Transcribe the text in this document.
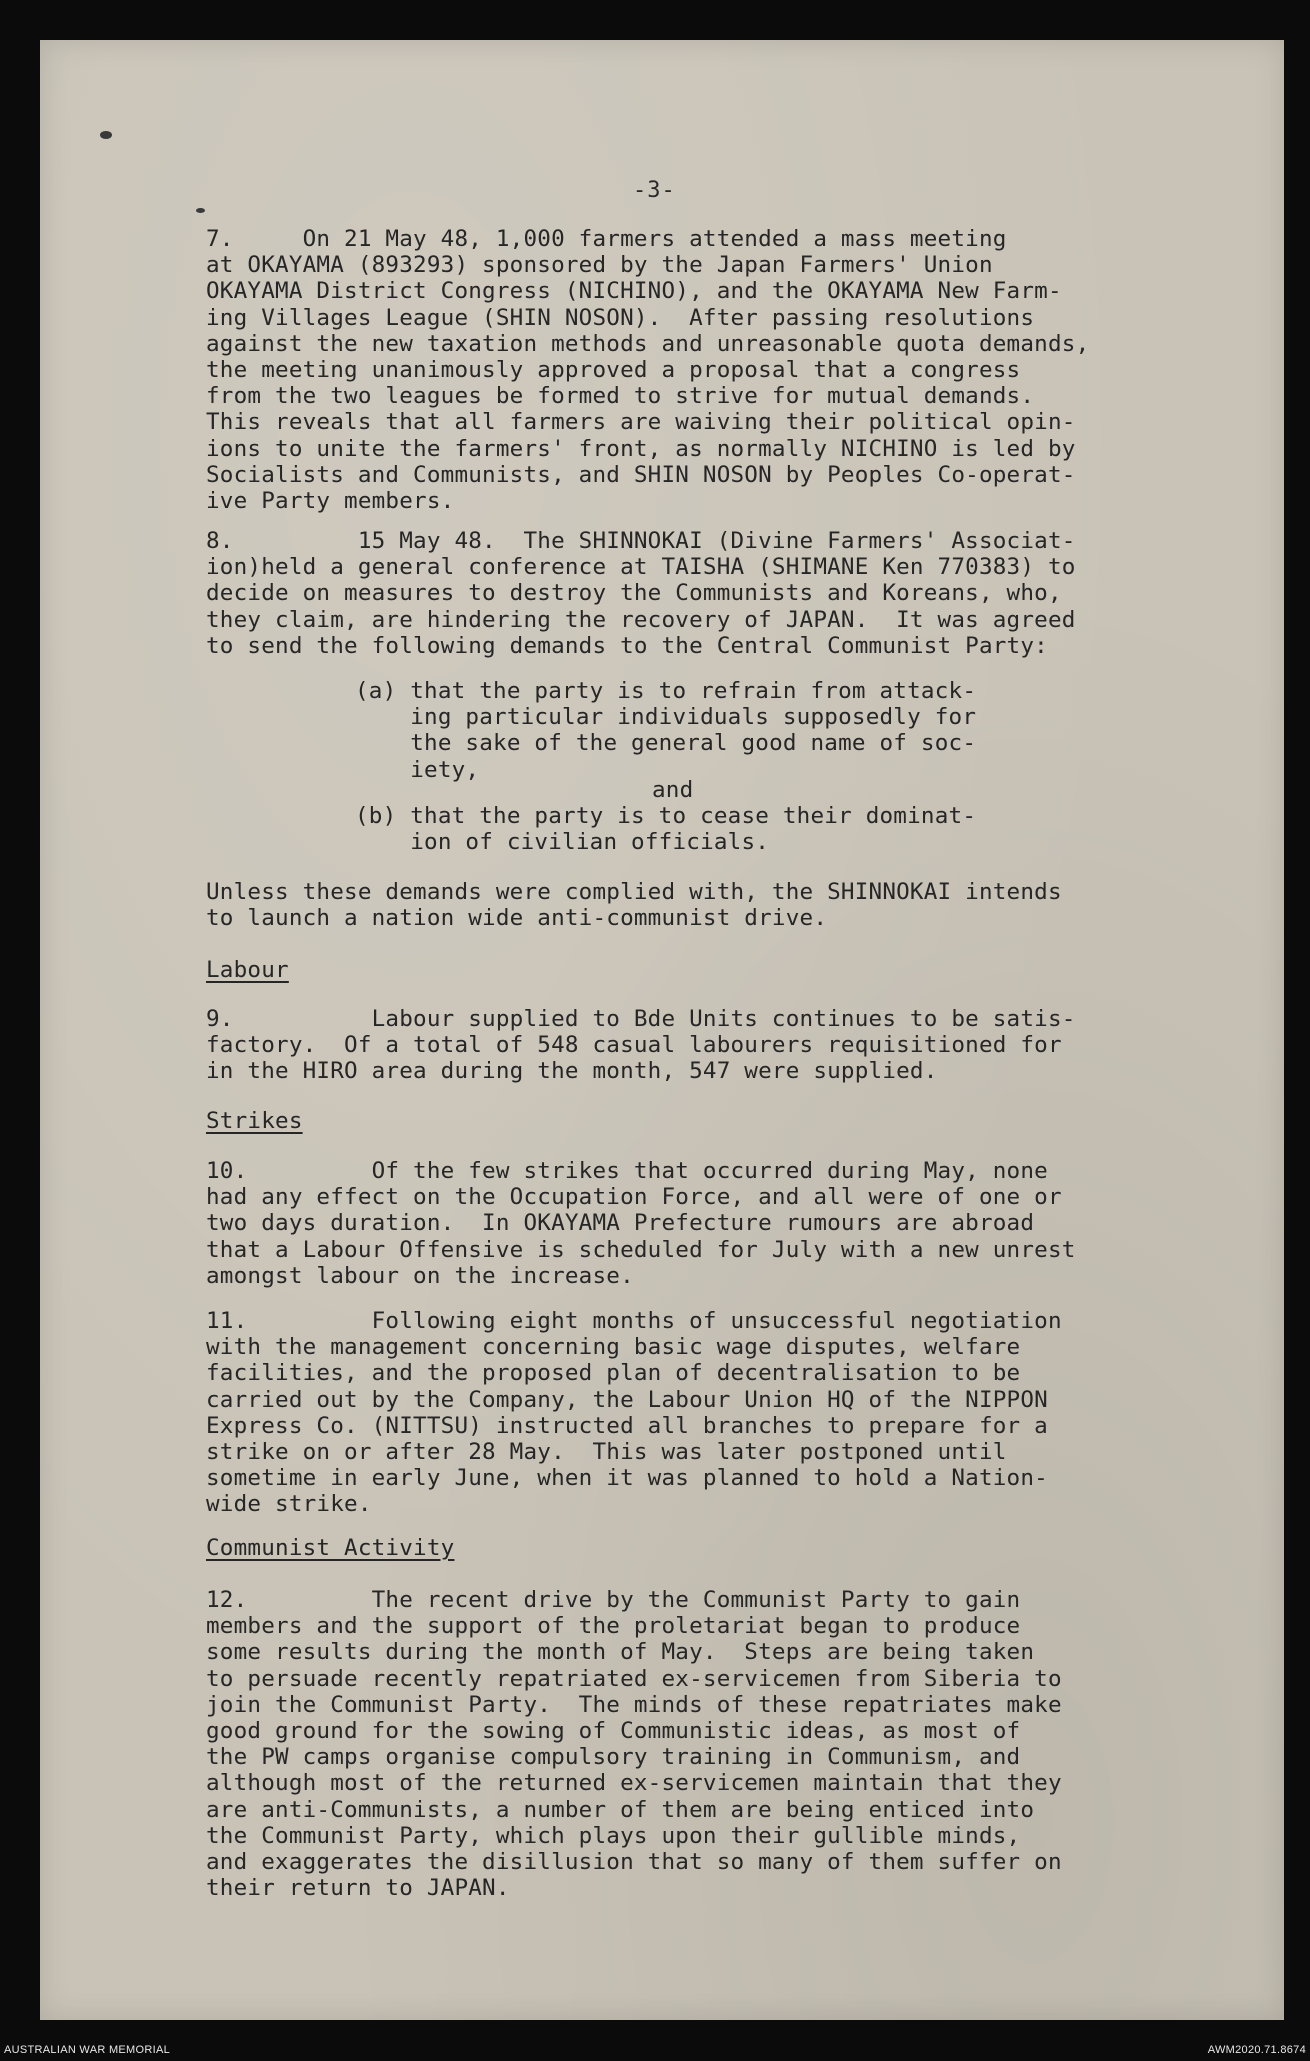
-3-
7.     On 21 May 48, 1,000 farmers attended a mass meeting
at OKAYAMA (893293) sponsored by the Japan Farmers' Union
OKAYAMA District Congress (NICHINO), and the OKAYAMA New Farm-
ing Villages League (SHIN NOSON).  After passing resolutions
against the new taxation methods and unreasonable quota demands,
the meeting unanimously approved a proposal that a congress
from the two leagues be formed to strive for mutual demands.
This reveals that all farmers are waiving their political opin-
ions to unite the farmers' front, as normally NICHINO is led by
Socialists and Communists, and SHIN NOSON by Peoples Co-operat-
ive Party members.
8.         15 May 48.  The SHINNOKAI (Divine Farmers' Associat-
ion)held a general conference at TAISHA (SHIMANE Ken 770383) to
decide on measures to destroy the Communists and Koreans, who,
they claim, are hindering the recovery of JAPAN.  It was agreed
to send the following demands to the Central Communist Party:
(a) that the party is to refrain from attack-
ing particular individuals supposedly for
the sake of the general good name of soc-
iety,
and
(b) that the party is to cease their dominat-
ion of civilian officials.
Unless these demands were complied with, the SHINNOKAI intends
to launch a nation wide anti-communist drive.
Labour
9.          Labour supplied to Bde Units continues to be satis-
factory.  Of a total of 548 casual labourers requisitioned for
in the HIRO area during the month, 547 were supplied.
Strikes
10.         Of the few strikes that occurred during May, none
had any effect on the Occupation Force, and all were of one or
two days duration.  In OKAYAMA Prefecture rumours are abroad
that a Labour Offensive is scheduled for July with a new unrest
amongst labour on the increase.
11.         Following eight months of unsuccessful negotiation
with the management concerning basic wage disputes, welfare
facilities, and the proposed plan of decentralisation to be
carried out by the Company, the Labour Union HQ of the NIPPON
Express Co. (NITTSU) instructed all branches to prepare for a
strike on or after 28 May.  This was later postponed until
sometime in early June, when it was planned to hold a Nation-
wide strike.
Communist Activity
12.         The recent drive by the Communist Party to gain
members and the support of the proletariat began to produce
some results during the month of May.  Steps are being taken
to persuade recently repatriated ex-servicemen from Siberia to
join the Communist Party.  The minds of these repatriates make
good ground for the sowing of Communistic ideas, as most of
the PW camps organise compulsory training in Communism, and
although most of the returned ex-servicemen maintain that they
are anti-Communists, a number of them are being enticed into
the Communist Party, which plays upon their gullible minds,
and exaggerates the disillusion that so many of them suffer on
their return to JAPAN.
AUSTRALIAN WAR MEMORIAL	AWM2020.71.8674
